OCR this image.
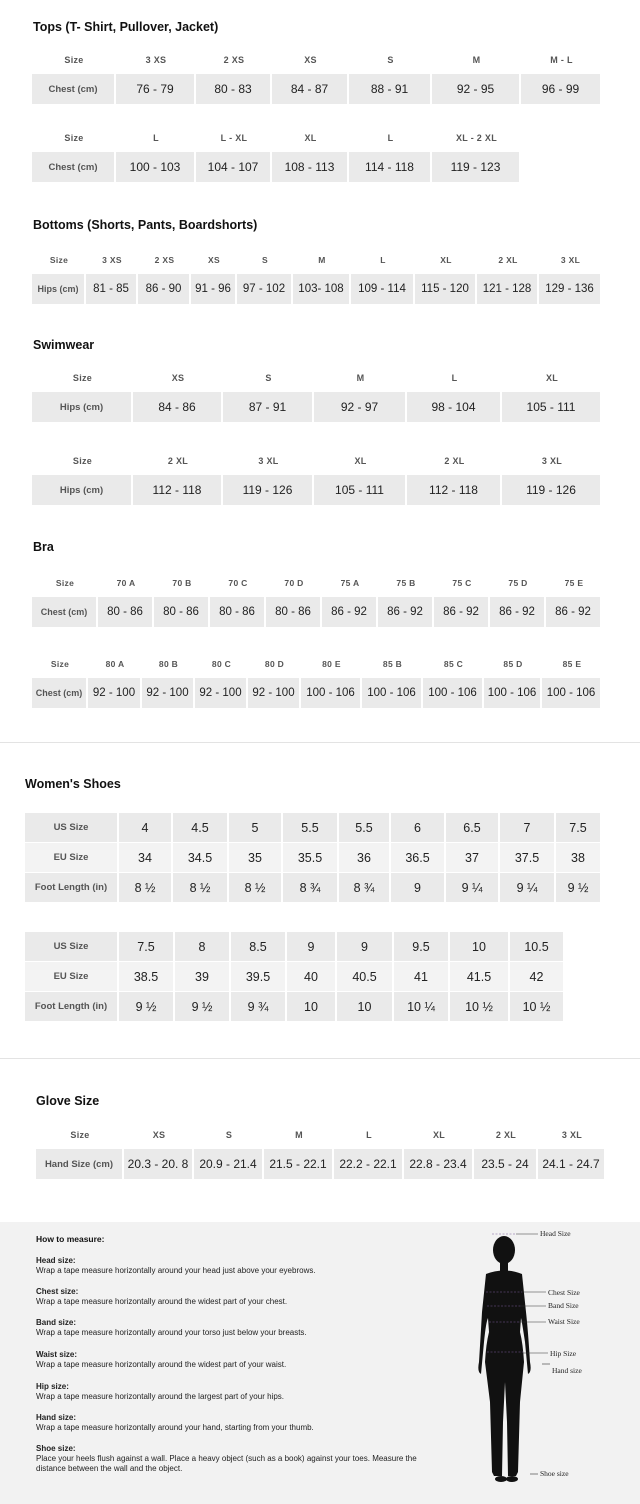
Tops (T- Shirt, Pullover, Jacket)
Size	3 XS	2 XS	XS	S	M	M - L
Chest (cm)	76 - 79	80 - 83	84 - 87	88 - 91	92 - 95	96 - 99
Size	L	L - XL	XL	L	XL - 2 XL
Chest (cm)	100 - 103	104 - 107	108 - 113	114 - 118	119 - 123
Bottoms (Shorts, Pants, Boardshorts)
Size	3 XS	2 XS	XS	S	M	L	XL	2 XL	3 XL
Hips (cm)	81 - 85	86 - 90	91 - 96	97 - 102	103- 108	109 - 114	115 - 120	121 - 128	129 - 136
Swimwear
Size	XS	S	M	L	XL
Hips (cm)	84 - 86	87 - 91	92 - 97	98 - 104	105 - 111
Size	2 XL	3 XL	XL	2 XL	3 XL
Hips (cm)	112 - 118	119 - 126	105 - 111	112 - 118	119 - 126
Bra
Size	70 A	70 B	70 C	70 D	75 A	75 B	75 C	75 D	75 E
Chest (cm)	80 - 86	80 - 86	80 - 86	80 - 86	86 - 92	86 - 92	86 - 92	86 - 92	86 - 92
Size	80 A	80 B	80 C	80 D	80 E	85 B	85 C	85 D	85 E
Chest (cm)	92 - 100	92 - 100	92 - 100	92 - 100	100 - 106	100 - 106	100 - 106	100 - 106	100 - 106
Women's Shoes
US Size	4	4.5	5	5.5	5.5	6	6.5	7	7.5
EU Size	34	34.5	35	35.5	36	36.5	37	37.5	38
Foot Length (in)	8 ½	8 ½	8 ½	8 ¾	8 ¾	9	9 ¼	9 ¼	9 ½
US Size	7.5	8	8.5	9	9	9.5	10	10.5
EU Size	38.5	39	39.5	40	40.5	41	41.5	42
Foot Length (in)	9 ½	9 ½	9 ¾	10	10	10 ¼	10 ½	10 ½
Glove Size
Size	XS	S	M	L	XL	2 XL	3 XL
Hand Size (cm)	20.3 - 20. 8	20.9 - 21.4	21.5 - 22.1	22.2 - 22.1	22.8 - 23.4	23.5 - 24	24.1 - 24.7
How to measure:
Head size:
Wrap a tape measure horizontally around your head just above your eyebrows.
Chest size:
Wrap a tape measure horizontally around the widest part of your chest.
Band size:
Wrap a tape measure horizontally around your torso just below your breasts.
Waist size:
Wrap a tape measure horizontally around the widest part of your waist.
Hip size:
Wrap a tape measure horizontally around the largest part of your hips.
Hand size:
Wrap a tape measure horizontally around your hand, starting from your thumb.
Shoe size:
Place your heels flush against a wall. Place a heavy object (such as a book) against your toes. Measure the distance between the wall and the object.
Head Size
Chest Size
Band Size
Waist Size
Hip Size
Hand size
Shoe size
